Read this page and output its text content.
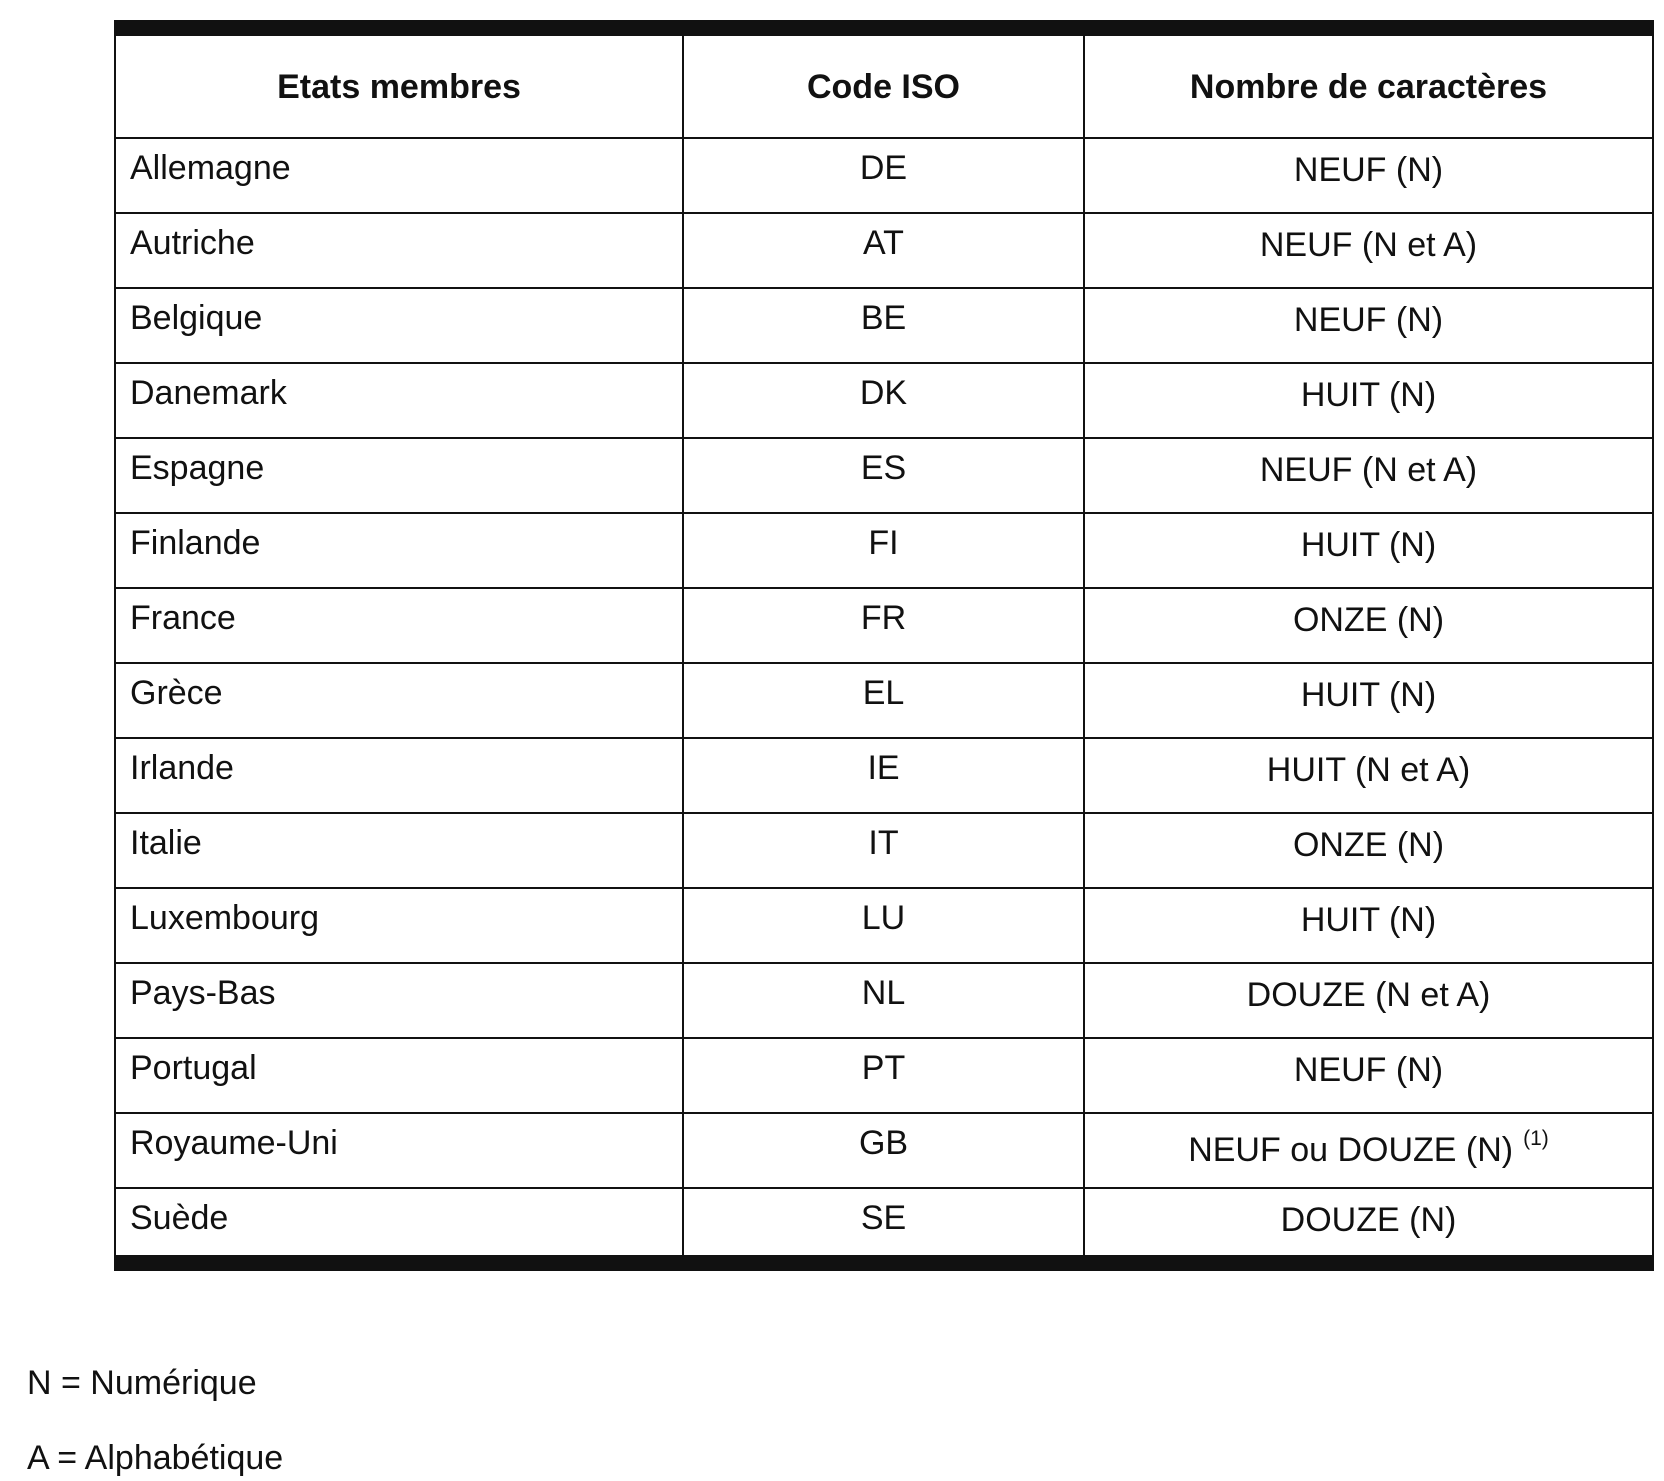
Etats membres	Code ISO	Nombre de caractères
Allemagne	DE	NEUF (N)
Autriche	AT	NEUF (N et A)
Belgique	BE	NEUF (N)
Danemark	DK	HUIT (N)
Espagne	ES	NEUF (N et A)
Finlande	FI	HUIT (N)
France	FR	ONZE (N)
Grèce	EL	HUIT (N)
Irlande	IE	HUIT (N et A)
Italie	IT	ONZE (N)
Luxembourg	LU	HUIT (N)
Pays-Bas	NL	DOUZE (N et A)
Portugal	PT	NEUF (N)
Royaume-Uni	GB	NEUF ou DOUZE (N) $^{(1)}$
Suède	SE	DOUZE (N)
N = Numérique
A = Alphabétique
